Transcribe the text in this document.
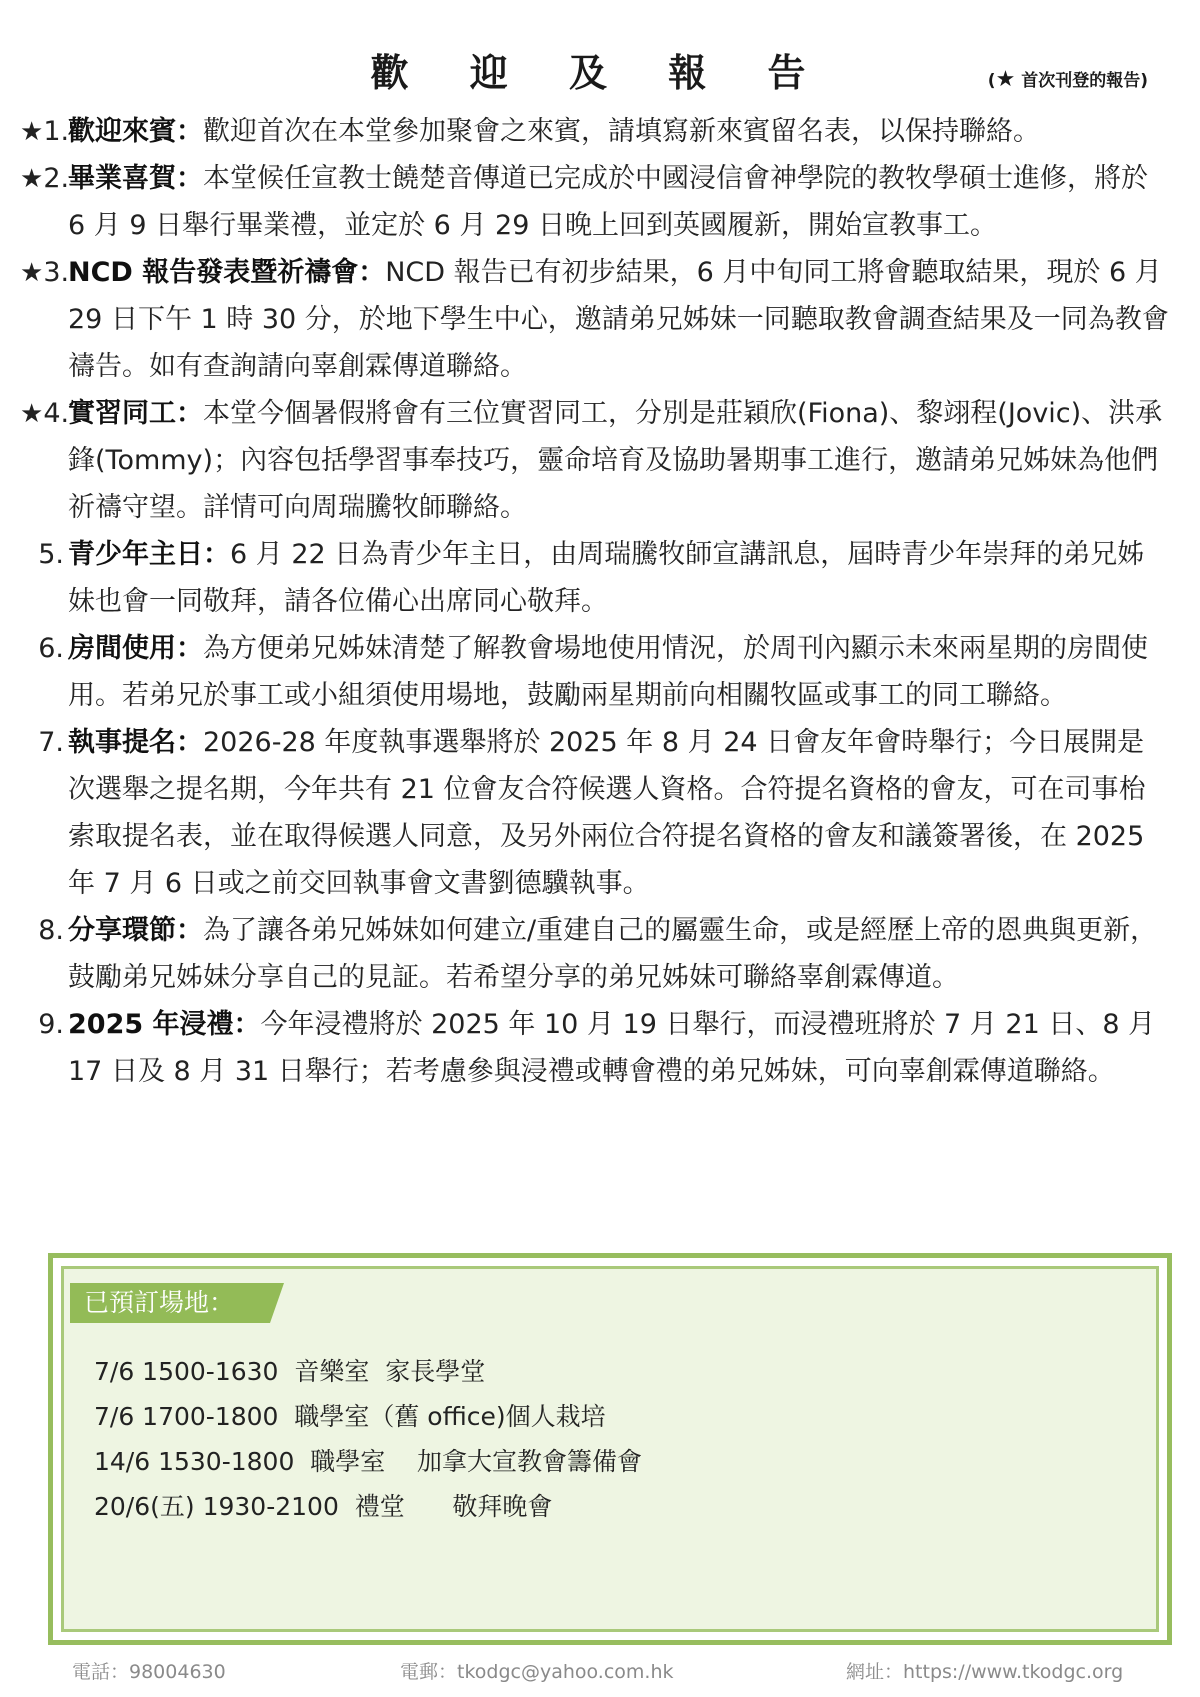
歡 迎 及 報 告	(★ 首次刊登的報告)
★1.
歡迎來賓：歡迎首次在本堂參加聚會之來賓，請填寫新來賓留名表，以保持聯絡。
★2.
畢業喜賀：本堂候任宣教士饒楚音傳道已完成於中國浸信會神學院的教牧學碩士進修，將於 6 月 9 日舉行畢業禮，並定於 6 月 29 日晚上回到英國履新，開始宣教事工。
★3.
NCD 報告發表暨祈禱會：NCD 報告已有初步結果，6 月中旬同工將會聽取結果，現於 6 月 29 日下午 1 時 30 分，於地下學生中心，邀請弟兄姊妹一同聽取教會調查結果及一同為教會禱告。如有查詢請向辜創霖傳道聯絡。
★4.
實習同工：本堂今個暑假將會有三位實習同工，分別是莊穎欣(Fiona)、黎翊程(Jovic)、洪承鋒(Tommy)；內容包括學習事奉技巧，靈命培育及協助暑期事工進行，邀請弟兄姊妹為他們祈禱守望。詳情可向周瑞騰牧師聯絡。
5. 青少年主日：6 月 22 日為青少年主日，由周瑞騰牧師宣講訊息，屆時青少年崇拜的弟兄姊妹也會一同敬拜，請各位備心出席同心敬拜。
6. 房間使用：為方便弟兄姊妹清楚了解教會場地使用情況，於周刊內顯示未來兩星期的房間使用。若弟兄於事工或小組須使用場地，鼓勵兩星期前向相關牧區或事工的同工聯絡。
7. 執事提名：2026-28 年度執事選舉將於 2025 年 8 月 24 日會友年會時舉行；今日展開是次選舉之提名期，今年共有 21 位會友合符候選人資格。合符提名資格的會友，可在司事枱索取提名表，並在取得候選人同意，及另外兩位合符提名資格的會友和議簽署後，在 2025 年 7 月 6 日或之前交回執事會文書劉德驥執事。
8. 分享環節：為了讓各弟兄姊妹如何建立/重建自己的屬靈生命，或是經歷上帝的恩典與更新，鼓勵弟兄姊妹分享自己的見証。若希望分享的弟兄姊妹可聯絡辜創霖傳道。
9. 2025 年浸禮：今年浸禮將於 2025 年 10 月 19 日舉行，而浸禮班將於 7 月 21 日、8 月 17 日及 8 月 31 日舉行；若考慮參與浸禮或轉會禮的弟兄姊妹，可向辜創霖傳道聯絡。
已預訂場地：
7/6 1500-1630  音樂室  家長學堂
7/6 1700-1800  職學室（舊 office)個人栽培
14/6 1530-1800  職學室    加拿大宣教會籌備會
20/6(五) 1930-2100  禮堂      敬拜晚會
電話：98004630	電郵：tkodgc@yahoo.com.hk	網址：https://www.tkodgc.org
